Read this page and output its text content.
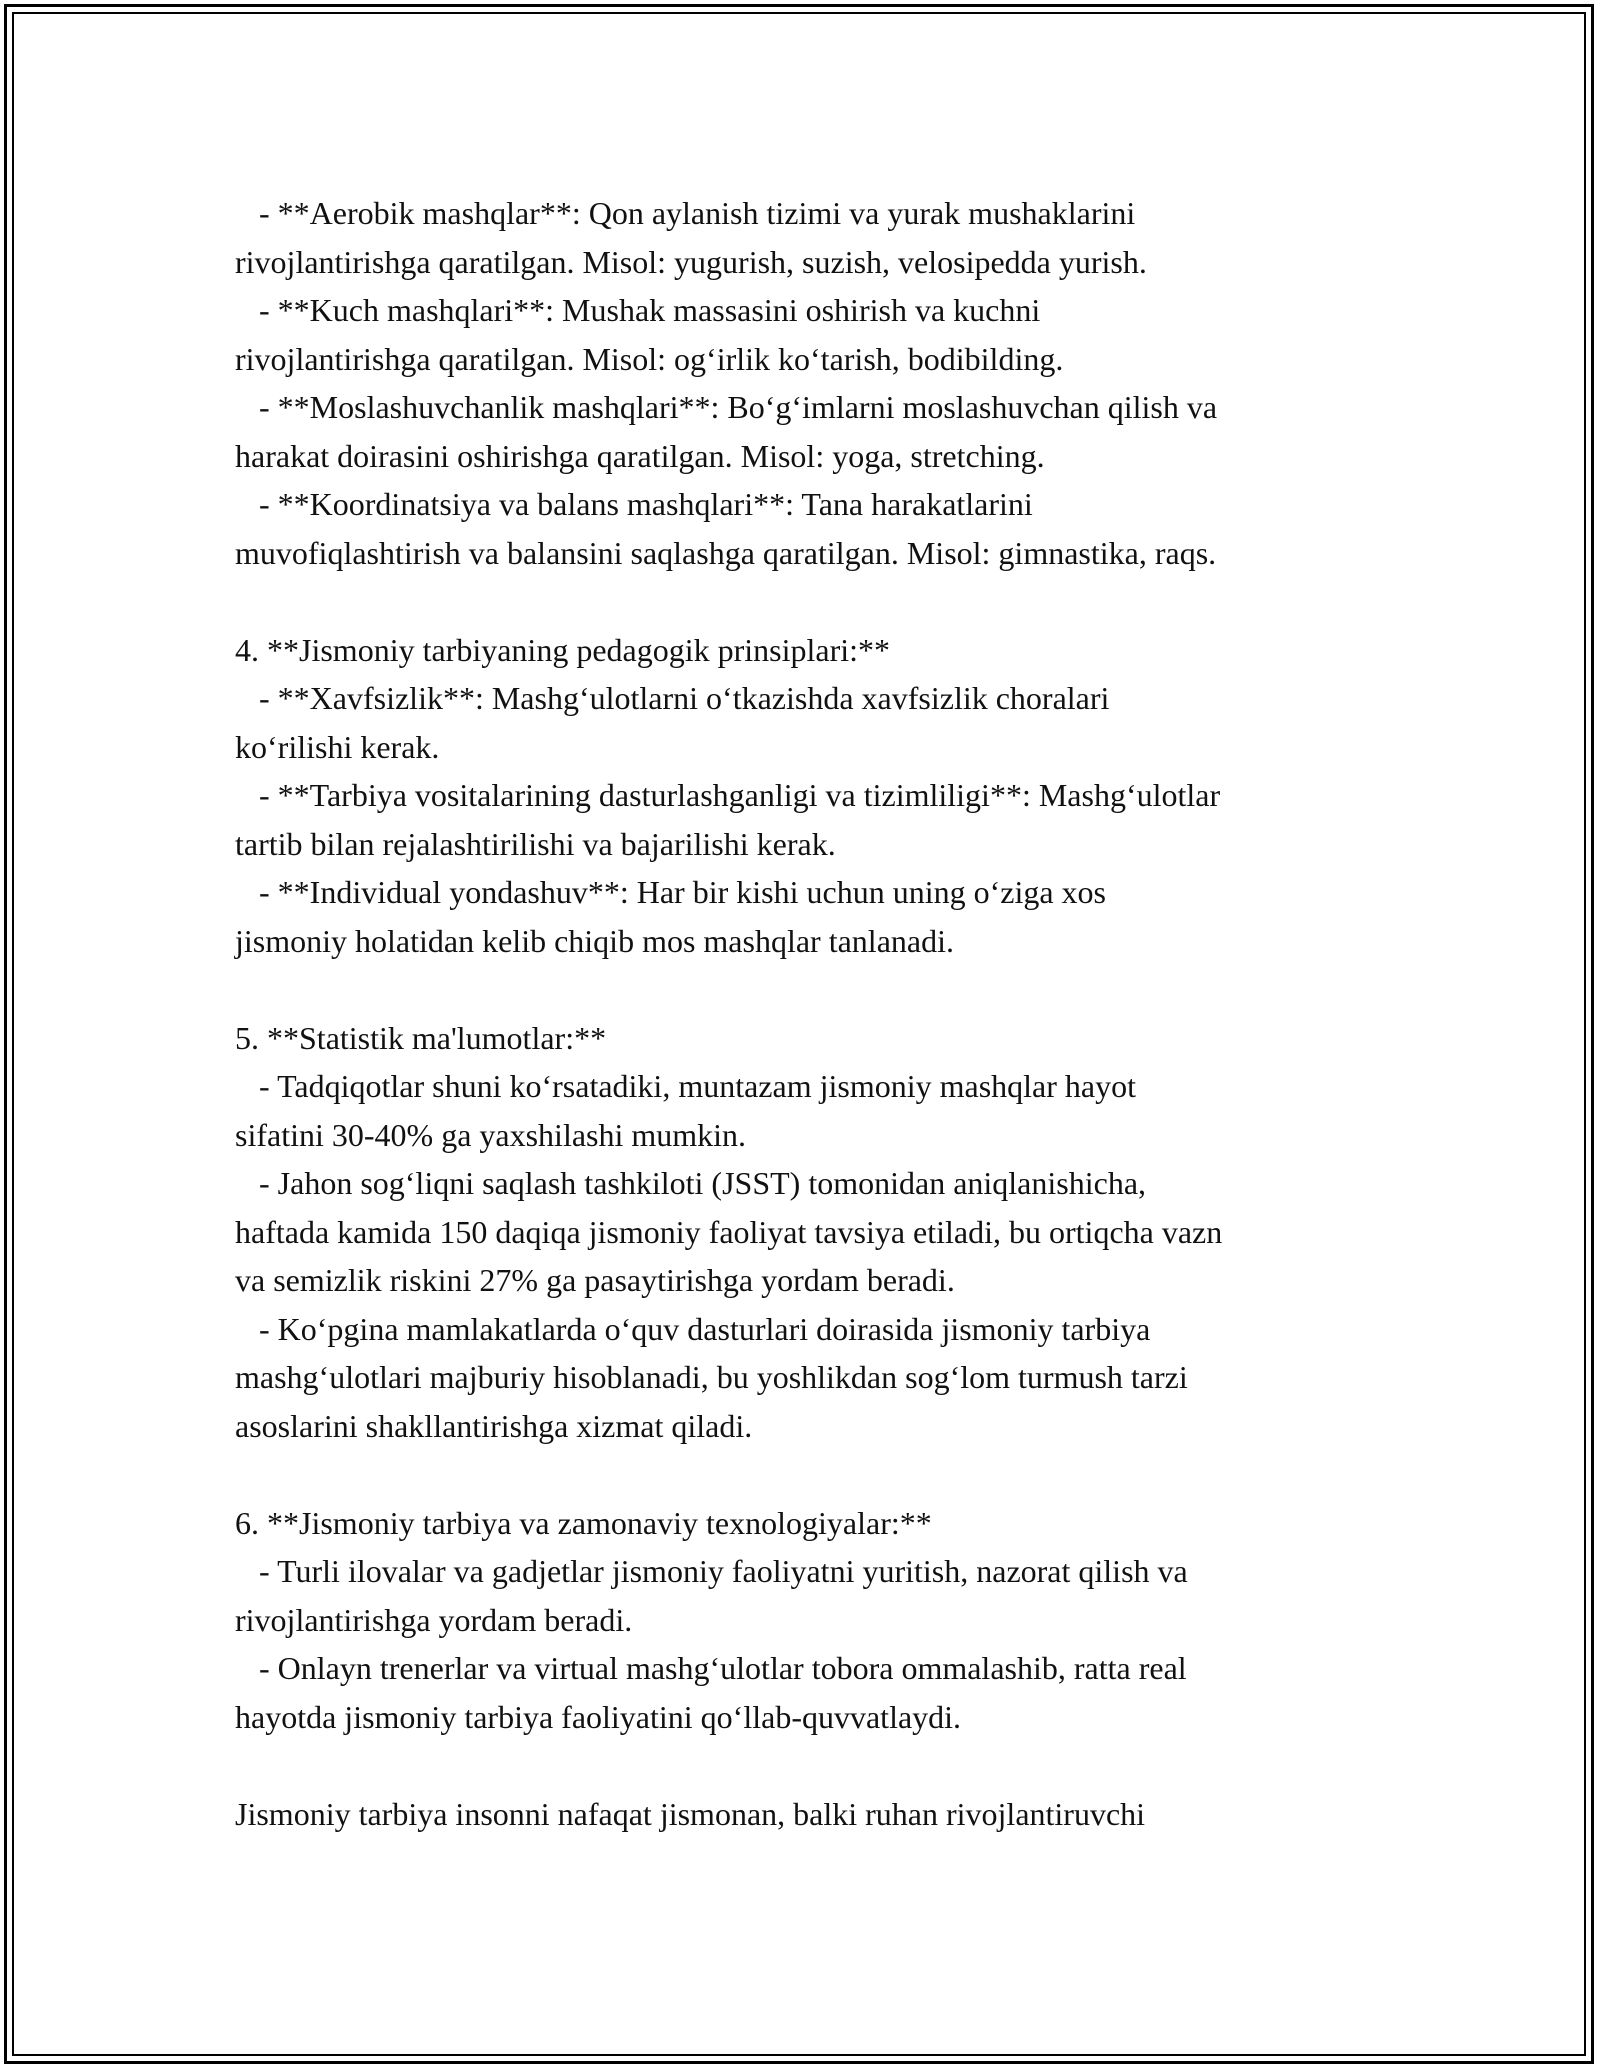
- **Aerobik mashqlar**: Qon aylanish tizimi va yurak mushaklarini
rivojlantirishga qaratilgan. Misol: yugurish, suzish, velosipedda yurish.
- **Kuch mashqlari**: Mushak massasini oshirish va kuchni
rivojlantirishga qaratilgan. Misol: og‘irlik ko‘tarish, bodibilding.
- **Moslashuvchanlik mashqlari**: Bo‘g‘imlarni moslashuvchan qilish va
harakat doirasini oshirishga qaratilgan. Misol: yoga, stretching.
- **Koordinatsiya va balans mashqlari**: Tana harakatlarini
muvofiqlashtirish va balansini saqlashga qaratilgan. Misol: gimnastika, raqs.
4. **Jismoniy tarbiyaning pedagogik prinsiplari:**
- **Xavfsizlik**: Mashg‘ulotlarni o‘tkazishda xavfsizlik choralari
ko‘rilishi kerak.
- **Tarbiya vositalarining dasturlashganligi va tizimliligi**: Mashg‘ulotlar
tartib bilan rejalashtirilishi va bajarilishi kerak.
- **Individual yondashuv**: Har bir kishi uchun uning o‘ziga xos
jismoniy holatidan kelib chiqib mos mashqlar tanlanadi.
5. **Statistik ma'lumotlar:**
- Tadqiqotlar shuni ko‘rsatadiki, muntazam jismoniy mashqlar hayot
sifatini 30-40% ga yaxshilashi mumkin.
- Jahon sog‘liqni saqlash tashkiloti (JSST) tomonidan aniqlanishicha,
haftada kamida 150 daqiqa jismoniy faoliyat tavsiya etiladi, bu ortiqcha vazn
va semizlik riskini 27% ga pasaytirishga yordam beradi.
- Ko‘pgina mamlakatlarda o‘quv dasturlari doirasida jismoniy tarbiya
mashg‘ulotlari majburiy hisoblanadi, bu yoshlikdan sog‘lom turmush tarzi
asoslarini shakllantirishga xizmat qiladi.
6. **Jismoniy tarbiya va zamonaviy texnologiyalar:**
- Turli ilovalar va gadjetlar jismoniy faoliyatni yuritish, nazorat qilish va
rivojlantirishga yordam beradi.
- Onlayn trenerlar va virtual mashg‘ulotlar tobora ommalashib, ratta real
hayotda jismoniy tarbiya faoliyatini qo‘llab-quvvatlaydi.
Jismoniy tarbiya insonni nafaqat jismonan, balki ruhan rivojlantiruvchi
